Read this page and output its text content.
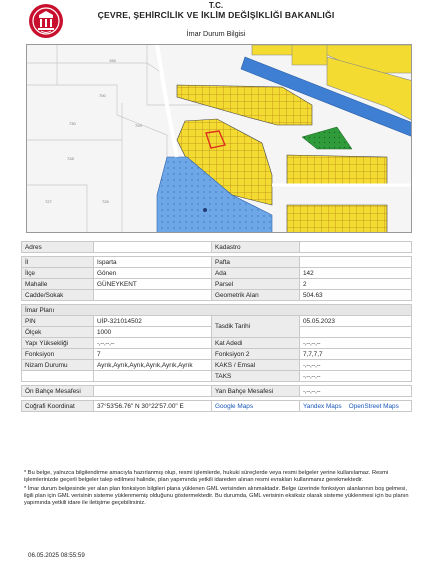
T.C.
ÇEVRE, ŞEHİRCİLİK VE İKLİM DEĞİŞİKLİĞİ BAKANLIĞI
İmar Durum Bilgisi
155
700
729
730
728
727	726
Adres		Kadastro	

İl	Isparta	Pafta	
İlçe	Gönen	Ada	142
Mahalle	GÜNEYKENT	Parsel	2
Cadde/Sokak		Geometrik Alan	504.63

İmar Planı			
PIN	UİP-321014502	Tasdik Tarihi	05.05.2023
Ölçek	1000		
Yapı Yüksekliği	-,--,--,--	Kat Adedi	-,--,--,--
Fonksiyon	7	Fonksiyon 2	7,7,7,7
Nizam Durumu	Ayrık,Ayrık,Ayrık,Ayrık,Ayrık,Ayrık	KAKS / Emsal	-,--,--,--
		TAKS	-,--,--,--

Ön Bahçe Mesafesi		Yan Bahçe Mesafesi	-,--,--,--

Coğrafi Koordinat	37°53'56.76" N 30°22'57.00" E	Google Maps	Yandex Maps OpenStreet Maps

* Bu belge, yalnızca bilgilendirme amacıyla hazırlanmış olup, resmi işlemlerde, hukuki süreçlerde veya resmi belgeler yerine kullanılamaz. Resmi işlemlerinizde geçerli belgeler talep edilmesi halinde, plan yapımında yetkili idareden alınan resmi evrakları kullanmanız gerekmektedir.

* İmar durum belgesinde yer alan plan fonksiyon bilgileri plana yüklenen GML verisinden alınmaktadır. Belge üzerinde fonksiyon alanlarının boş gelmesi, ilgili plan için GML verisinin sisteme yüklenmemiş olduğunu göstermektedir. Bu durumda, GML verisinin eksiksiz olarak sisteme yüklenmesi için bu planın yapımında yetkili idare ile iletişime geçebilirsiniz.

06.05.2025 08:55:59
